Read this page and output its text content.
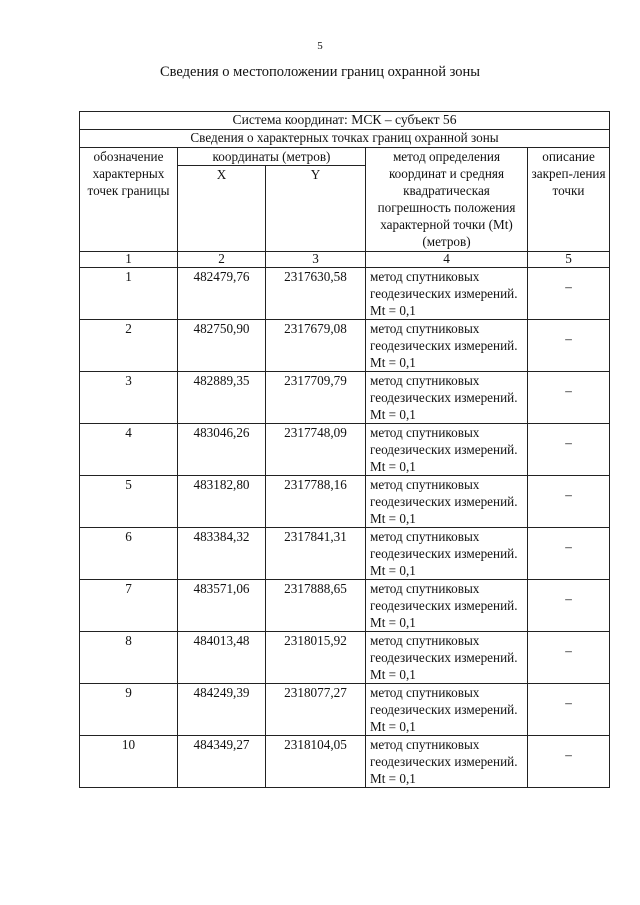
5
Сведения о местоположении границ охранной зоны
Система координат: МСК – субъект 56				
Сведения о характерных точках границ охранной зоны				
обозначение характерных точек границы	координаты (метров)		метод определения координат и средняя квадратическая погрешность положения характерной точки (Mt) (метров)	описание закреп-ления точки
	X	Y		
1	2	3	4	5
1	482479,76	2317630,58	метод спутниковых геодезических измерений. Mt = 0,1	–
2	482750,90	2317679,08	метод спутниковых геодезических измерений. Mt = 0,1	–
3	482889,35	2317709,79	метод спутниковых геодезических измерений. Mt = 0,1	–
4	483046,26	2317748,09	метод спутниковых геодезических измерений. Mt = 0,1	–
5	483182,80	2317788,16	метод спутниковых геодезических измерений. Mt = 0,1	–
6	483384,32	2317841,31	метод спутниковых геодезических измерений. Mt = 0,1	–
7	483571,06	2317888,65	метод спутниковых геодезических измерений. Mt = 0,1	–
8	484013,48	2318015,92	метод спутниковых геодезических измерений. Mt = 0,1	–
9	484249,39	2318077,27	метод спутниковых геодезических измерений. Mt = 0,1	–
10	484349,27	2318104,05	метод спутниковых геодезических измерений. Mt = 0,1	–
